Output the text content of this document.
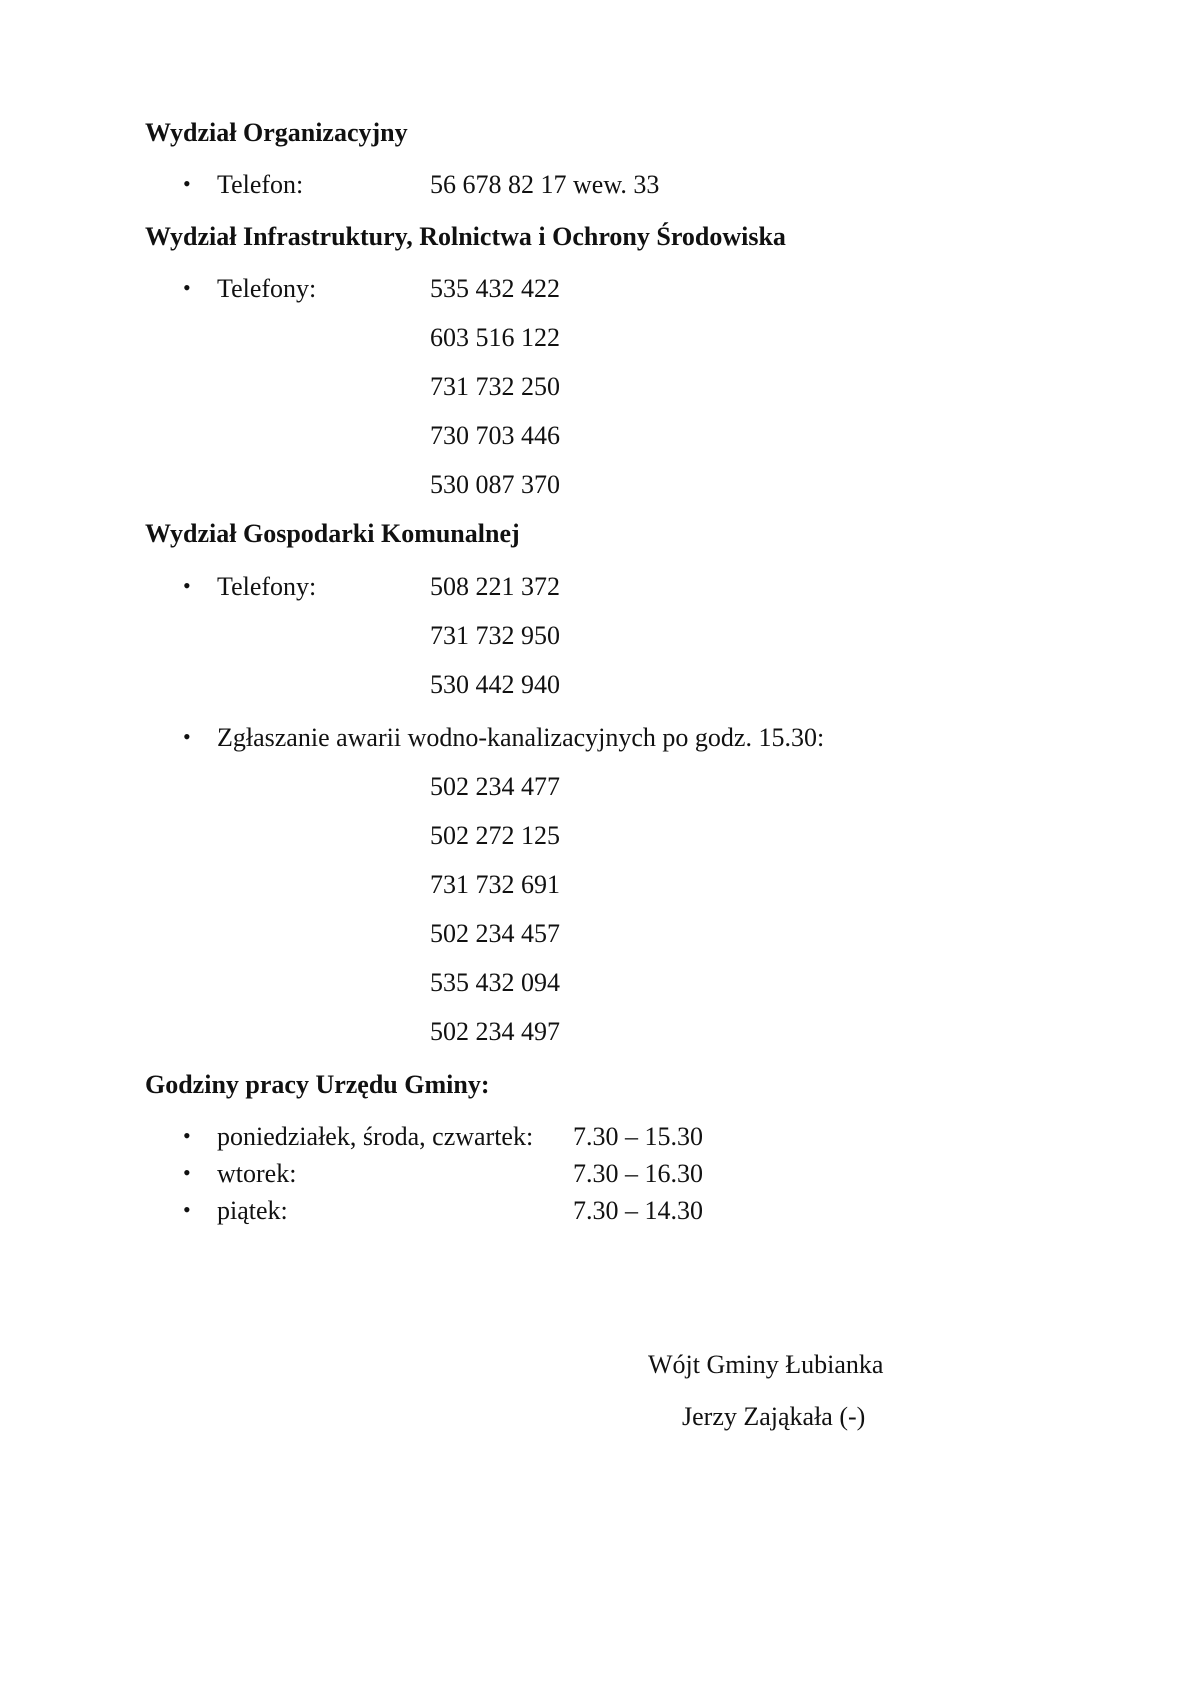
Wydział Organizacyjny
• Telefon:	56 678 82 17 wew. 33
Wydział Infrastruktury, Rolnictwa i Ochrony Środowiska
• Telefony:	535 432 422
603 516 122
731 732 250
730 703 446
530 087 370
Wydział Gospodarki Komunalnej
• Telefony:	508 221 372
731 732 950
530 442 940
• Zgłaszanie awarii wodno-kanalizacyjnych po godz. 15.30:
502 234 477
502 272 125
731 732 691
502 234 457
535 432 094
502 234 497
Godziny pracy Urzędu Gminy:
• poniedziałek, środa, czwartek: 7.30 – 15.30
• wtorek:	7.30 – 16.30
• piątek:	7.30 – 14.30
Wójt Gminy Łubianka
Jerzy Zająkała (-)
